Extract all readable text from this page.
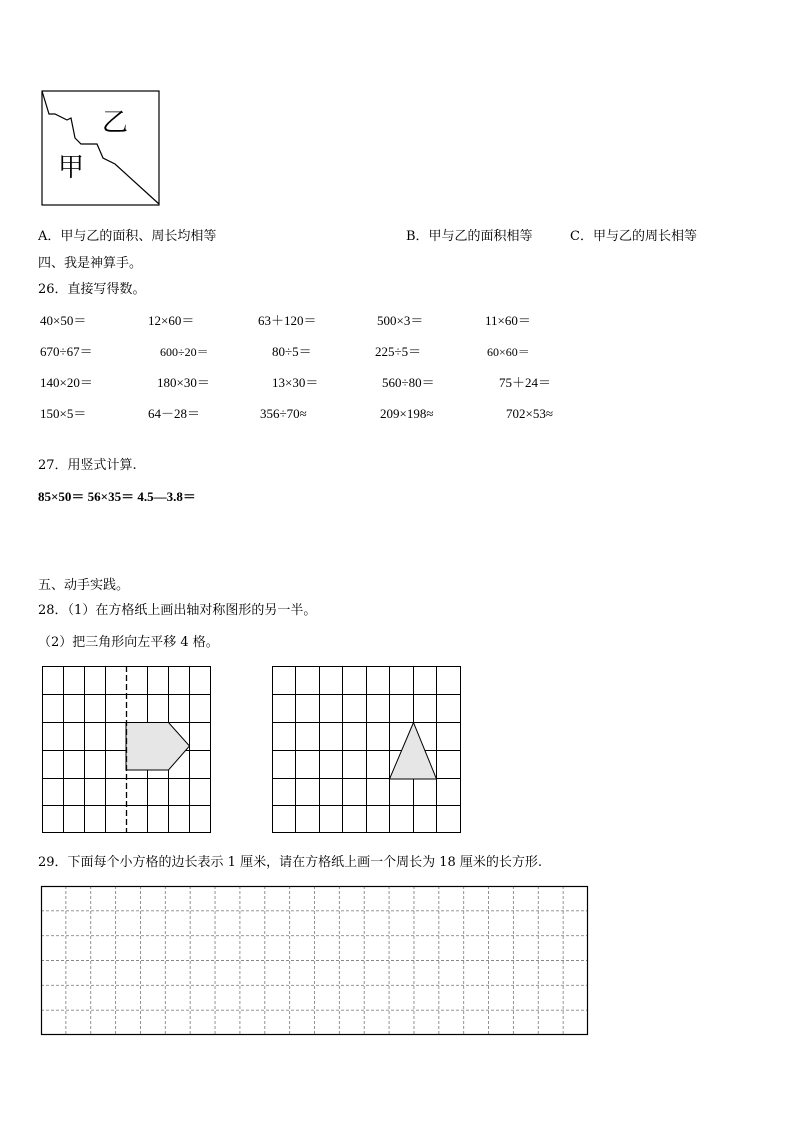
乙
甲
A．甲与乙的面积、周长均相等	B．甲与乙的面积相等	C．甲与乙的周长相等
四、我是神算手。
26．直接写得数。
40×50＝	12×60＝	63＋120＝	500×3＝	11×60＝
670÷67＝	600÷20＝	80÷5＝	225÷5＝	60×60＝
140×20＝	180×30＝	13×30＝	560÷80＝	75＋24＝
150×5＝	64－28＝	356÷70≈	209×198≈	702×53≈
27．用竖式计算.
85×50＝ 56×35＝ 4.5—3.8＝
五、动手实践。
28．（1）在方格纸上画出轴对称图形的另一半。
（2）把三角形向左平移 4 格。
29．下面每个小方格的边长表示 1 厘米，请在方格纸上画一个周长为 18 厘米的长方形.
